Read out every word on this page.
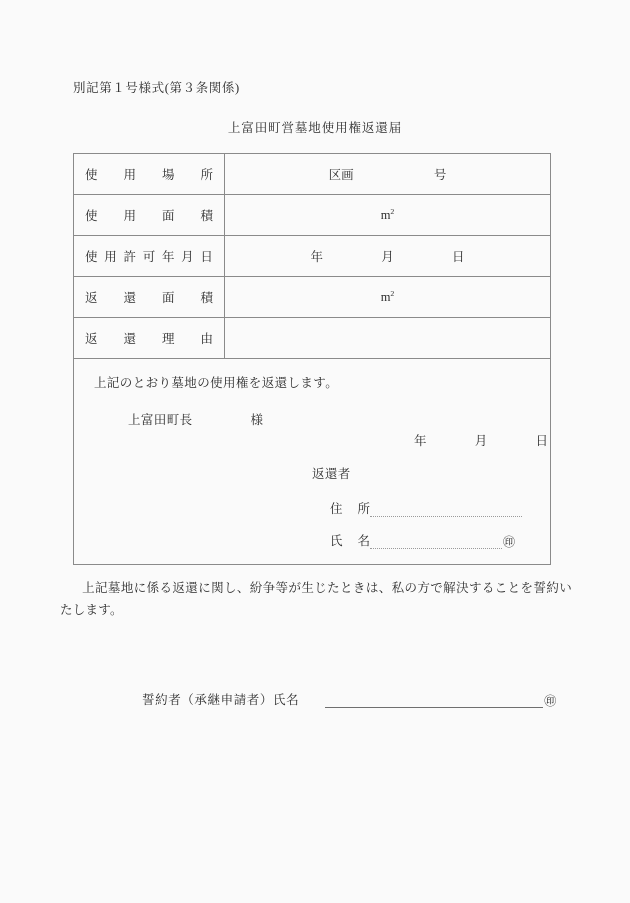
別記第１号様式(第３条関係)
上富田町営墓地使用権返還届
使 用 場 所	区画 号

使 用 面 積	$m^2$

使 用 許 可 年 月 日	年	月	日

返 還 面 積	$m^2$

返 還 理 由	

上記のとおり墓地の使用権を返還します。
上富田町長	様
年	月	日
返還者
住 所
氏 名	㊞
上記墓地に係る返還に関し、紛争等が生じたときは、私の方で解決することを誓約いたします。
誓約者（承継申請者）氏名	㊞
